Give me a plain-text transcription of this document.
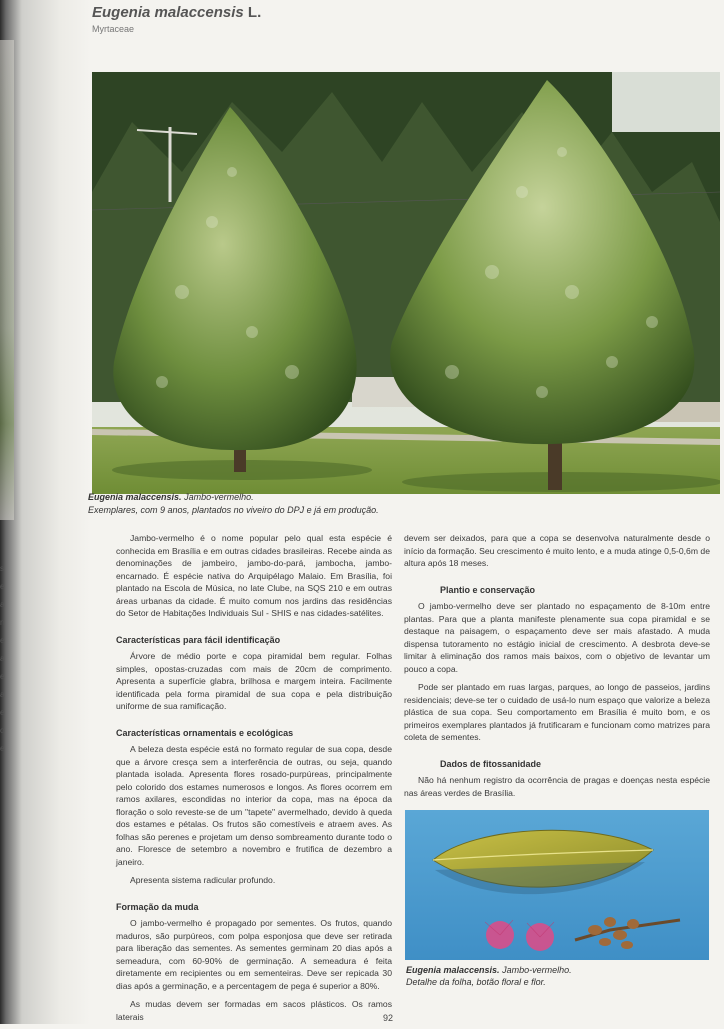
s
e
a
n
e
a
e
a
e
o
e
Eugenia malaccensis L.
Myrtaceae
Eugenia malaccensis. Jambo-vermelho.
Exemplares, com 9 anos, plantados no viveiro do DPJ e já em produção.

Jambo-vermelho é o nome popular pelo qual esta espécie é conhecida em Brasília e em outras cidades brasileiras. Recebe ainda as denominações de jambeiro, jambo-do-pará, jambocha, jambo-encarnado. É espécie nativa do Arquipélago Malaio. Em Brasília, foi plantado na Escola de Música, no late Clube, na SQS 210 e em outras áreas urbanas da cidade. É muito comum nos jardins das residências do Setor de Habitações Individuais Sul - SHIS e nas cidades-satélites.

Características para fácil identificação

Árvore de médio porte e copa piramidal bem regular. Folhas simples, opostas-cruzadas com mais de 20cm de comprimento. Apresenta a superfície glabra, brilhosa e margem inteira. Facilmente identificada pela forma piramidal de sua copa e pela distribuição uniforme de sua ramificação.

Características ornamentais e ecológicas

A beleza desta espécie está no formato regular de sua copa, desde que a árvore cresça sem a interferência de outras, ou seja, quando plantada isolada. Apresenta flores rosado-purpúreas, principalmente pelo colorido dos estames numerosos e longos. As flores ocorrem em ramos axilares, escondidas no interior da copa, mas na época da floração o solo reveste-se de um "tapete" avermelhado, devido à queda dos estames e pétalas. Os frutos são comestíveis e atraem aves. As folhas são perenes e projetam um denso sombreamento durante todo o ano. Floresce de setembro a novembro e frutifica de dezembro a janeiro.

Apresenta sistema radicular profundo.

Formação da muda

O jambo-vermelho é propagado por sementes. Os frutos, quando maduros, são purpúreos, com polpa esponjosa que deve ser retirada para liberação das sementes. As sementes germinam 20 dias após a semeadura, com 60-90% de germinação. A semeadura é feita diretamente em recipientes ou em sementeiras. Deve ser repicada 30 dias após a germinação, e a percentagem de pega é superior a 80%.

As mudas devem ser formadas em sacos plásticos. Os ramos laterais

devem ser deixados, para que a copa se desenvolva naturalmente desde o início da formação. Seu crescimento é muito lento, e a muda atinge 0,5-0,6m de altura após 18 meses.

Plantio e conservação

O jambo-vermelho deve ser plantado no espaçamento de 8-10m entre plantas. Para que a planta manifeste plenamente sua copa piramidal e se destaque na paisagem, o espaçamento deve ser mais afastado. A muda dispensa tutoramento no estágio inicial de crescimento. A desbrota deve-se limitar à eliminação dos ramos mais baixos, com o objetivo de levantar um pouco a copa.

Pode ser plantado em ruas largas, parques, ao longo de passeios, jardins residenciais; deve-se ter o cuidado de usá-lo num espaço que valorize a beleza plástica de sua copa. Seu comportamento em Brasília é muito bom, e os primeiros exemplares plantados já frutificaram e funcionam como matrizes para coleta de sementes.

Dados de fitossanidade

Não há nenhum registro da ocorrência de pragas e doenças nesta espécie nas áreas verdes de Brasília.

Eugenia malaccensis. Jambo-vermelho.
Detalhe da folha, botão floral e flor.
92
